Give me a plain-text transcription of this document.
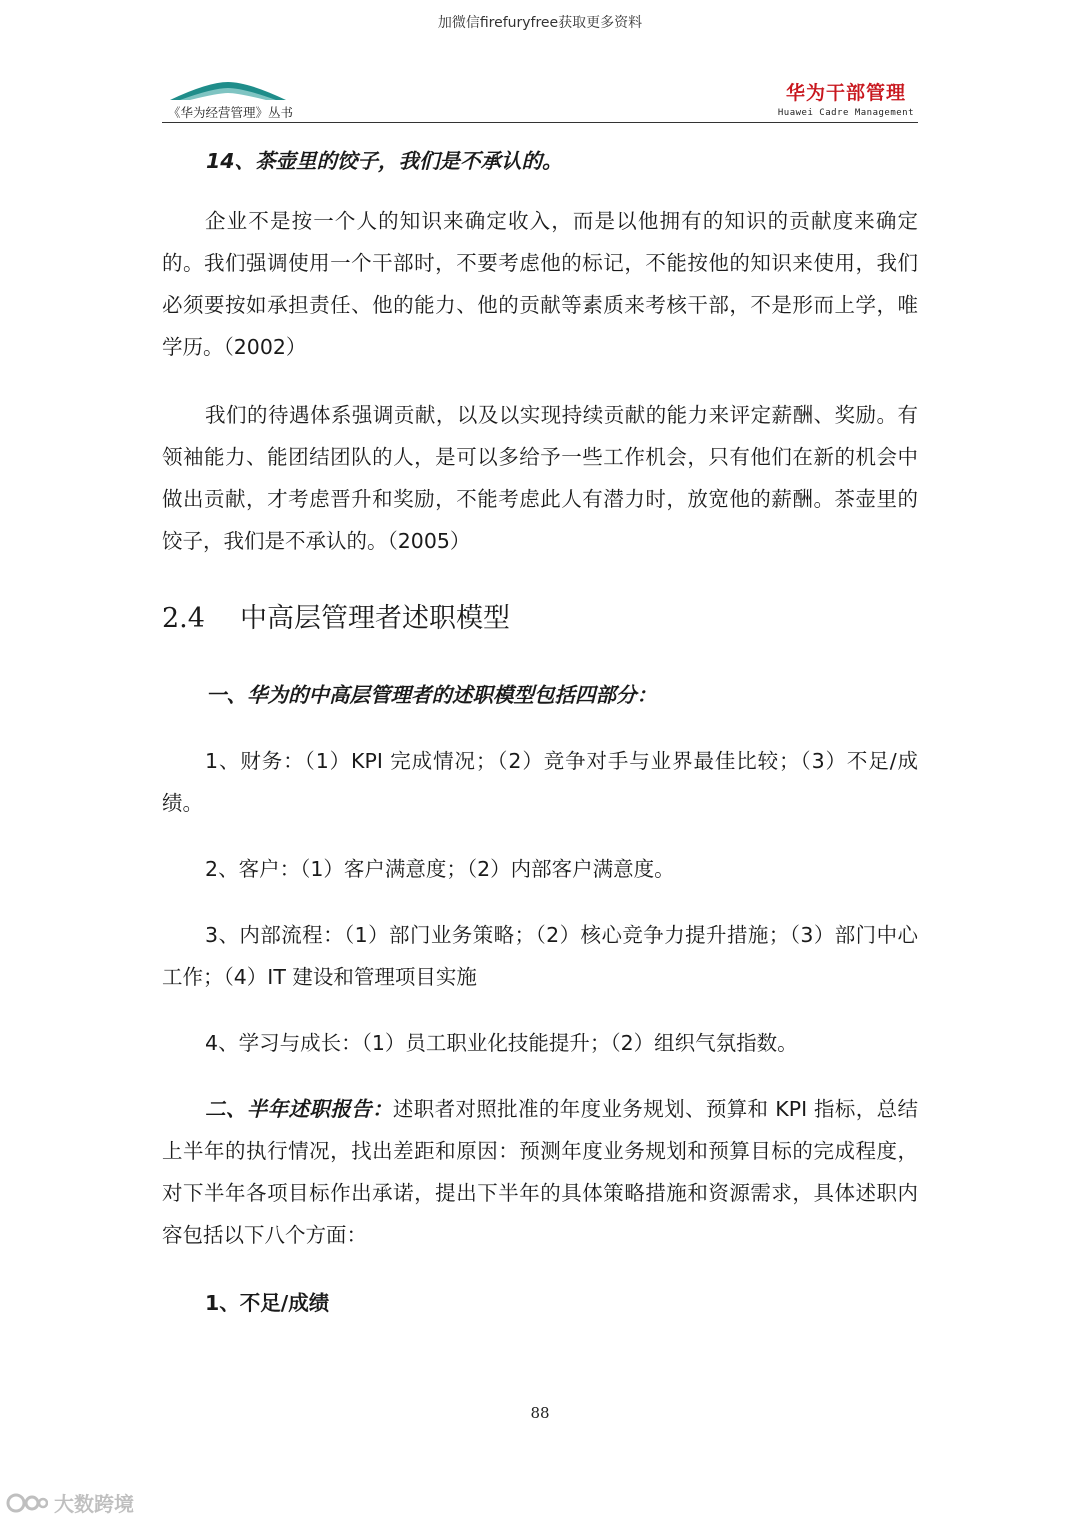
加微信firefuryfree获取更多资料
《华为经营管理》丛书
华为干部管理
Huawei Cadre Management

14、茶壶里的饺子，我们是不承认的。

企业不是按一个人的知识来确定收入，而是以他拥有的知识的贡献度来确定的。我们强调使用一个干部时，不要考虑他的标记，不能按他的知识来使用，我们必须要按如承担责任、他的能力、他的贡献等素质来考核干部，不是形而上学，唯学历。（2002）

我们的待遇体系强调贡献，以及以实现持续贡献的能力来评定薪酬、奖励。有领袖能力、能团结团队的人，是可以多给予一些工作机会，只有他们在新的机会中做出贡献，才考虑晋升和奖励，不能考虑此人有潜力时，放宽他的薪酬。茶壶里的饺子，我们是不承认的。（2005）

2.4 中高层管理者述职模型

一、华为的中高层管理者的述职模型包括四部分：

1、财务：（1）KPI 完成情况；（2）竞争对手与业界最佳比较；（3）不足/成绩。

2、客户：（1）客户满意度；（2）内部客户满意度。

3、内部流程：（1）部门业务策略；（2）核心竞争力提升措施；（3）部门中心工作；（4）IT 建设和管理项目实施

4、学习与成长：（1）员工职业化技能提升；（2）组织气氛指数。

二、半年述职报告：述职者对照批准的年度业务规划、预算和 KPI 指标，总结上半年的执行情况，找出差距和原因：预测年度业务规划和预算目标的完成程度，对下半年各项目标作出承诺，提出下半年的具体策略措施和资源需求，具体述职内容包括以下八个方面：

1、不足/成绩

88
大数跨境
